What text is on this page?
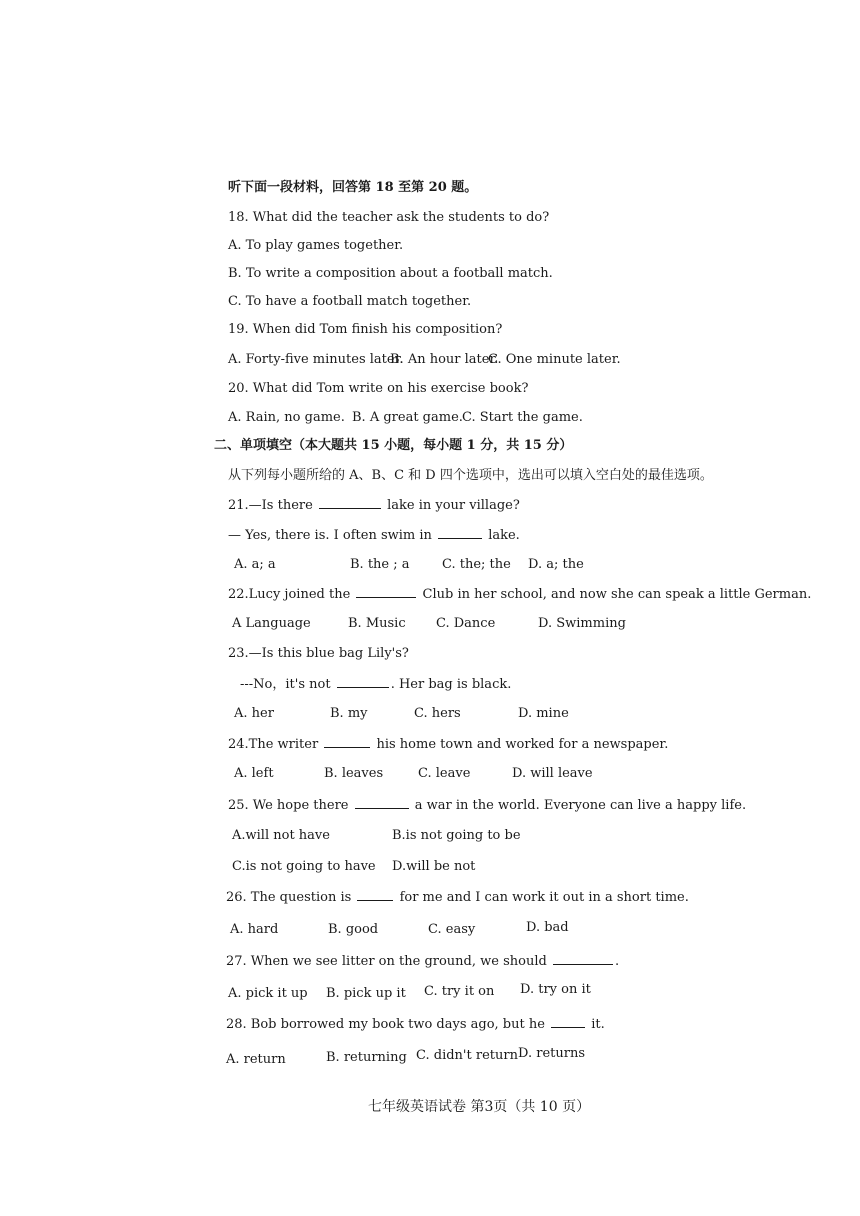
听下面一段材料，回答第 18 至第 20 题。
18. What did the teacher ask the students to do?
A. To play games together.
B. To write a composition about a football match.
C. To have a football match together.
19. When did Tom finish his composition?
A. Forty-five minutes later.
B. An hour later.
C. One minute later.
20. What did Tom write on his exercise book?
A. Rain, no game. B. A great game. C. Start the game.
二、单项填空（本大题共 15 小题，每小题 1 分，共 15 分）
从下列每小题所给的 A、B、C 和 D 四个选项中，选出可以填入空白处的最佳选项。
21.—Is there	lake in your village?
— Yes, there is. I often swim in	lake.
A. a; a	B. the ; a C. the; the D. a; the
22.Lucy joined the	Club in her school, and now she can speak a little German.
A Language	B. Music C. Dance	D. Swimming
23.—Is this blue bag Lily's?
---No，it's not	. Her bag is black.
A. her	B. my	C. hers	D. mine
24.The writer	his home town and worked for a newspaper.
A. left	B. leaves	C. leave	D. will leave
25. We hope there	a war in the world. Everyone can live a happy life.
A.will not have	B.is not going to be
C.is not going to have D.will be not
26. The question is	for me and I can work it out in a short time.
A. hard	B. good	C. easy	D. bad
27. When we see litter on the ground, we should	.
A. pick it up B. pick up it C. try it on D. try on it
28. Bob borrowed my book two days ago, but he	it.
A. return	B. returning C. didn't return D. returns
七年级英语试卷 第3页（共 10 页）
